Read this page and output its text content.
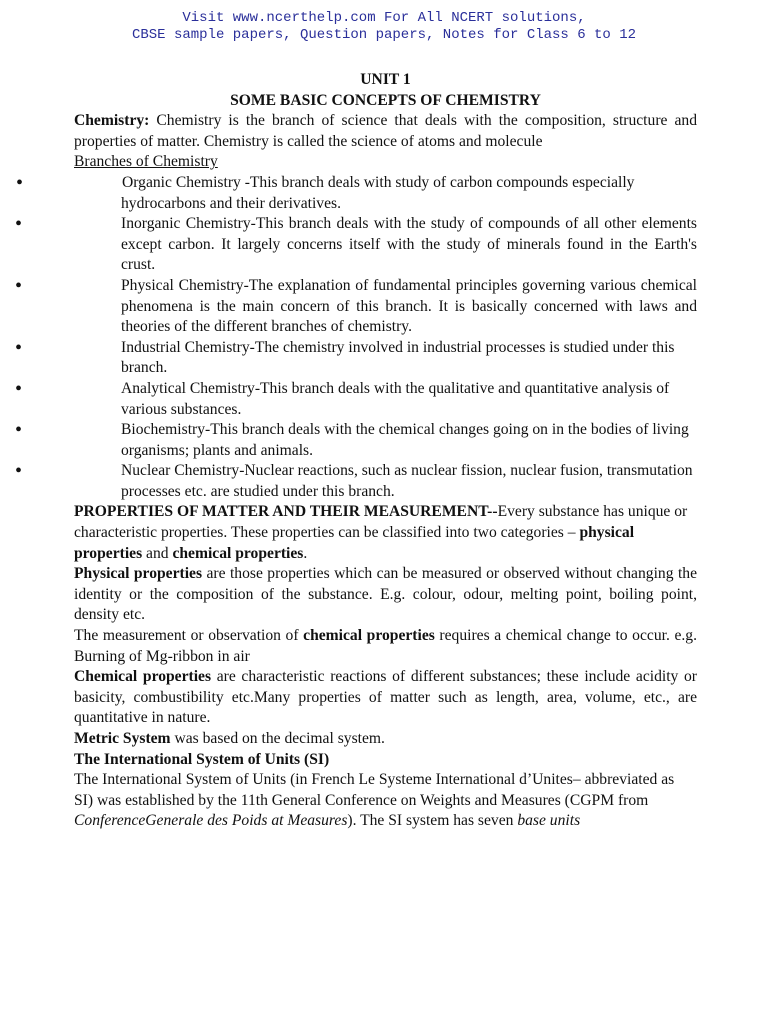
Visit www.ncerthelp.com For All NCERT solutions,
CBSE sample papers, Question papers, Notes for Class 6 to 12
UNIT 1
SOME BASIC CONCEPTS OF CHEMISTRY

Chemistry: Chemistry is the branch of science that deals with the composition, structure and properties of matter. Chemistry is called the science of atoms and molecule

Branches of Chemistry

•	Organic Chemistry -This branch deals with study of carbon compounds especially hydrocarbons and their derivatives.
•	Inorganic Chemistry-This branch deals with the study of compounds of all other elements except carbon. It largely concerns itself with the study of minerals found in the Earth's crust.
•	Physical Chemistry-The explanation of fundamental principles governing various chemical phenomena is the main concern of this branch. It is basically concerned with laws and theories of the different branches of chemistry.
•	Industrial Chemistry-The chemistry involved in industrial processes is studied under this branch.
•	Analytical Chemistry-This branch deals with the qualitative and quantitative analysis of various substances.
•	Biochemistry-This branch deals with the chemical changes going on in the bodies of living organisms; plants and animals.
•	Nuclear Chemistry-Nuclear reactions, such as nuclear fission, nuclear fusion, transmutation processes etc. are studied under this branch.

PROPERTIES OF MATTER AND THEIR MEASUREMENT--Every substance has unique or characteristic properties. These properties can be classified into two categories – physical properties and chemical properties.

Physical properties are those properties which can be measured or observed without changing the identity or the composition of the substance. E.g. colour, odour, melting point, boiling point, density etc.

The measurement or observation of chemical properties requires a chemical change to occur. e.g. Burning of Mg-ribbon in air

Chemical properties are characteristic reactions of different substances; these include acidity or basicity, combustibility etc.Many properties of matter such as length, area, volume, etc., are quantitative in nature.

Metric System was based on the decimal system.

The International System of Units (SI)

The International System of Units (in French Le Systeme International d’Unites– abbreviated as SI) was established by the 11th General Conference on Weights and Measures (CGPM from ConferenceGenerale des Poids at Measures). The SI system has seven base units
